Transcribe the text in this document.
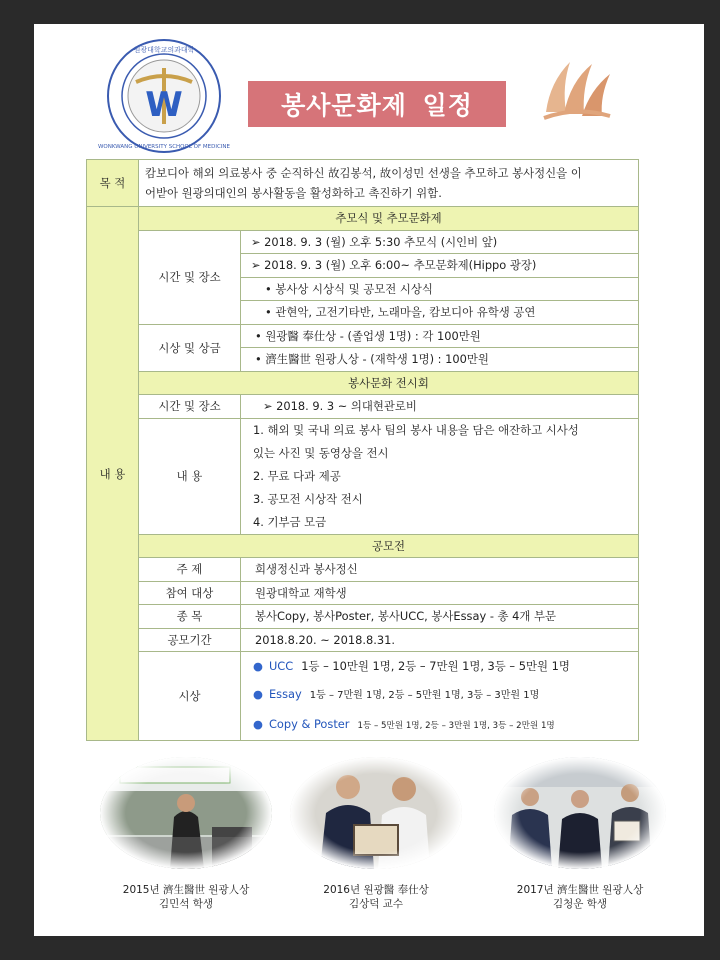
W
원광대학교의과대학
WONKWANG UNIVERSITY SCHOOL OF MEDICINE
봉사문화제 일정
목 적	캄보디아 해외 의료봉사 중 순직하신 故김봉석, 故이성민 선생을 추모하고 봉사정신을 이
어받아 원광의대인의 봉사활동을 활성화하고 촉진하기 위함.	

내 용	추모식 및 추모문화제	
	시간 및 장소	➢ 2018. 9. 3 (월) 오후 5:30 추모식 (시인비 앞)
		➢ 2018. 9. 3 (월) 오후 6:00~ 추모문화제(Hippo 광장)
		• 봉사상 시상식 및 공모전 시상식
		• 관현악, 고전기타반, 노래마을, 캄보디아 유학생 공연
	시상 및 상금	• 원광醫 奉仕상 - (졸업생 1명) : 각 100만원
		• 濟生醫世 원광人상 - (재학생 1명) : 100만원
	봉사문화 전시회	
	시간 및 장소	➢ 2018. 9. 3 ~ 의대현관로비
	내 용	1. 해외 및 국내 의료 봉사 팀의 봉사 내용을 담은 애잔하고 시사성
있는 사진 및 동영상을 전시
2. 무료 다과 제공
3. 공모전 시상작 전시
4. 기부금 모금

	공모전	
	주 제	희생정신과 봉사정신
	참여 대상	원광대학교 재학생
	종 목	봉사Copy, 봉사Poster, 봉사UCC, 봉사Essay - 총 4개 부문
	공모기간	2018.8.20. ~ 2018.8.31.
	시상	● UCC 1등 – 10만원 1명, 2등 – 7만원 1명, 3등 – 5만원 1명
● Essay 1등 – 7만원 1명, 2등 – 5만원 1명, 3등 – 3만원 1명
● Copy & Poster 1등 – 5만원 1명, 2등 – 3만원 1명, 3등 – 2만원 1명
2015년 濟生醫世 원광人상
김민석 학생
2016년 원광醫 奉仕상
김상덕 교수
2017년 濟生醫世 원광人상
김청운 학생
